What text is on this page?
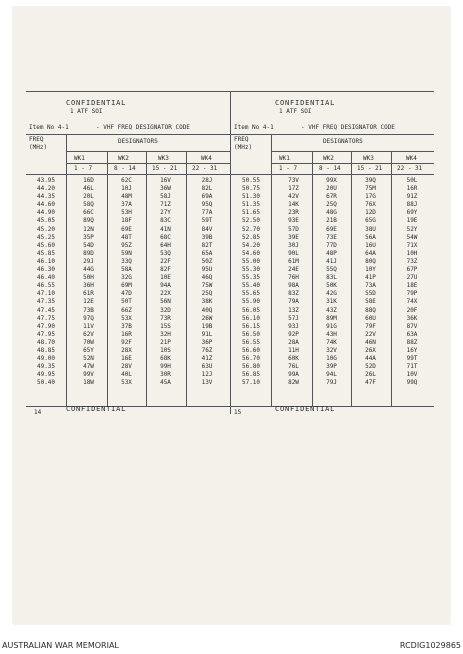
CONFIDENTIAL
1 ATF SOI
Item No 4-1	- VHF FREQ DESIGNATOR CODE
FREQ
(MHz)
DESIGNATORS
WK1	WK2	WK3	WK4
1 - 7	8 - 14	15 - 21 22 - 31
43.95	16D	62C	16V	28J
44.20	46L	10J	36W	82L
44.35	20L	48M	58J	69A
44.60	58Q	37A	71Z	95Q
44.90	66C	53H	27Y	77A
45.05	89Q	18F	83C	59T
45.20	12N	69E	41N	84V
45.25	35P	48T	68C	39B
45.60	54D	95Z	64H	82T
45.85	89D	59N	53Q	65A
46.10	29J	33Q	22F	50Z
46.30	44G	58A	82F	95U
46.40	50H	32G	10E	46Q
46.55	36H	69M	94A	75W
47.10	61R	47D	22X	25Q
47.35	12E	50T	56N	38K
47.45	73B	66Z	32D	40Q
47.75	97Q	53X	73R	26W
47.90	11V	37B	15S	19B
47.95	62V	16R	32H	91L
48.70	70W	92F	21P	36P
48.85	65Y	28X	10S	76Z
49.00	52N	16E	68K	41Z
49.35	47W	28V	99H	63U
49.95	99V	40L	30R	12J
50.40	18W	53X	45A	13V
CONFIDENTIAL
14
CONFIDENTIAL
1 ATF SOI
Item No 4-1	- VHF FREQ DESIGNATOR CODE
FREQ
(MHz)
DESIGNATORS
WK1	WK2	WK3	WK4
1 - 7	8 - 14	15 - 21 22 - 31
50.55	73V	99X	39Q	50L
50.75	17Z	20U	75M	16R
51.30	42V	67R	17G	91Z
51.35	14K	25Q	76X	88J
51.65	23R	48G	12D	69Y
52.50	93E	21B	65G	19E
52.70	57D	69E	38U	52Y
52.85	39E	73E	56A	54W
54.20	30J	77D	16U	71X
54.60	90L	48P	64A	10H
55.00	61M	41J	80Q	73Z
55.30	24E	55Q	10Y	67P
55.35	76H	83L	41P	27U
55.40	98A	50K	73A	18E
55.65	83Z	42G	55D	79P
55.90	79A	31K	58E	74X
56.05	13Z	43Z	88Q	20F
56.10	57J	89M	60U	36K
56.15	93J	91G	79F	87V
56.50	92P	43H	22V	63A
56.55	28A	74K	46N	88Z
56.60	11H	32V	26X	16Y
56.70	60K	10G	44A	99T
56.80	76L	39P	52D	71T
56.85	99A	94L	26L	10V
57.10	82W	79J	47F	99Q
CONFIDENTIAL
15
AUSTRALIAN WAR MEMORIAL	RCDIG1029865
